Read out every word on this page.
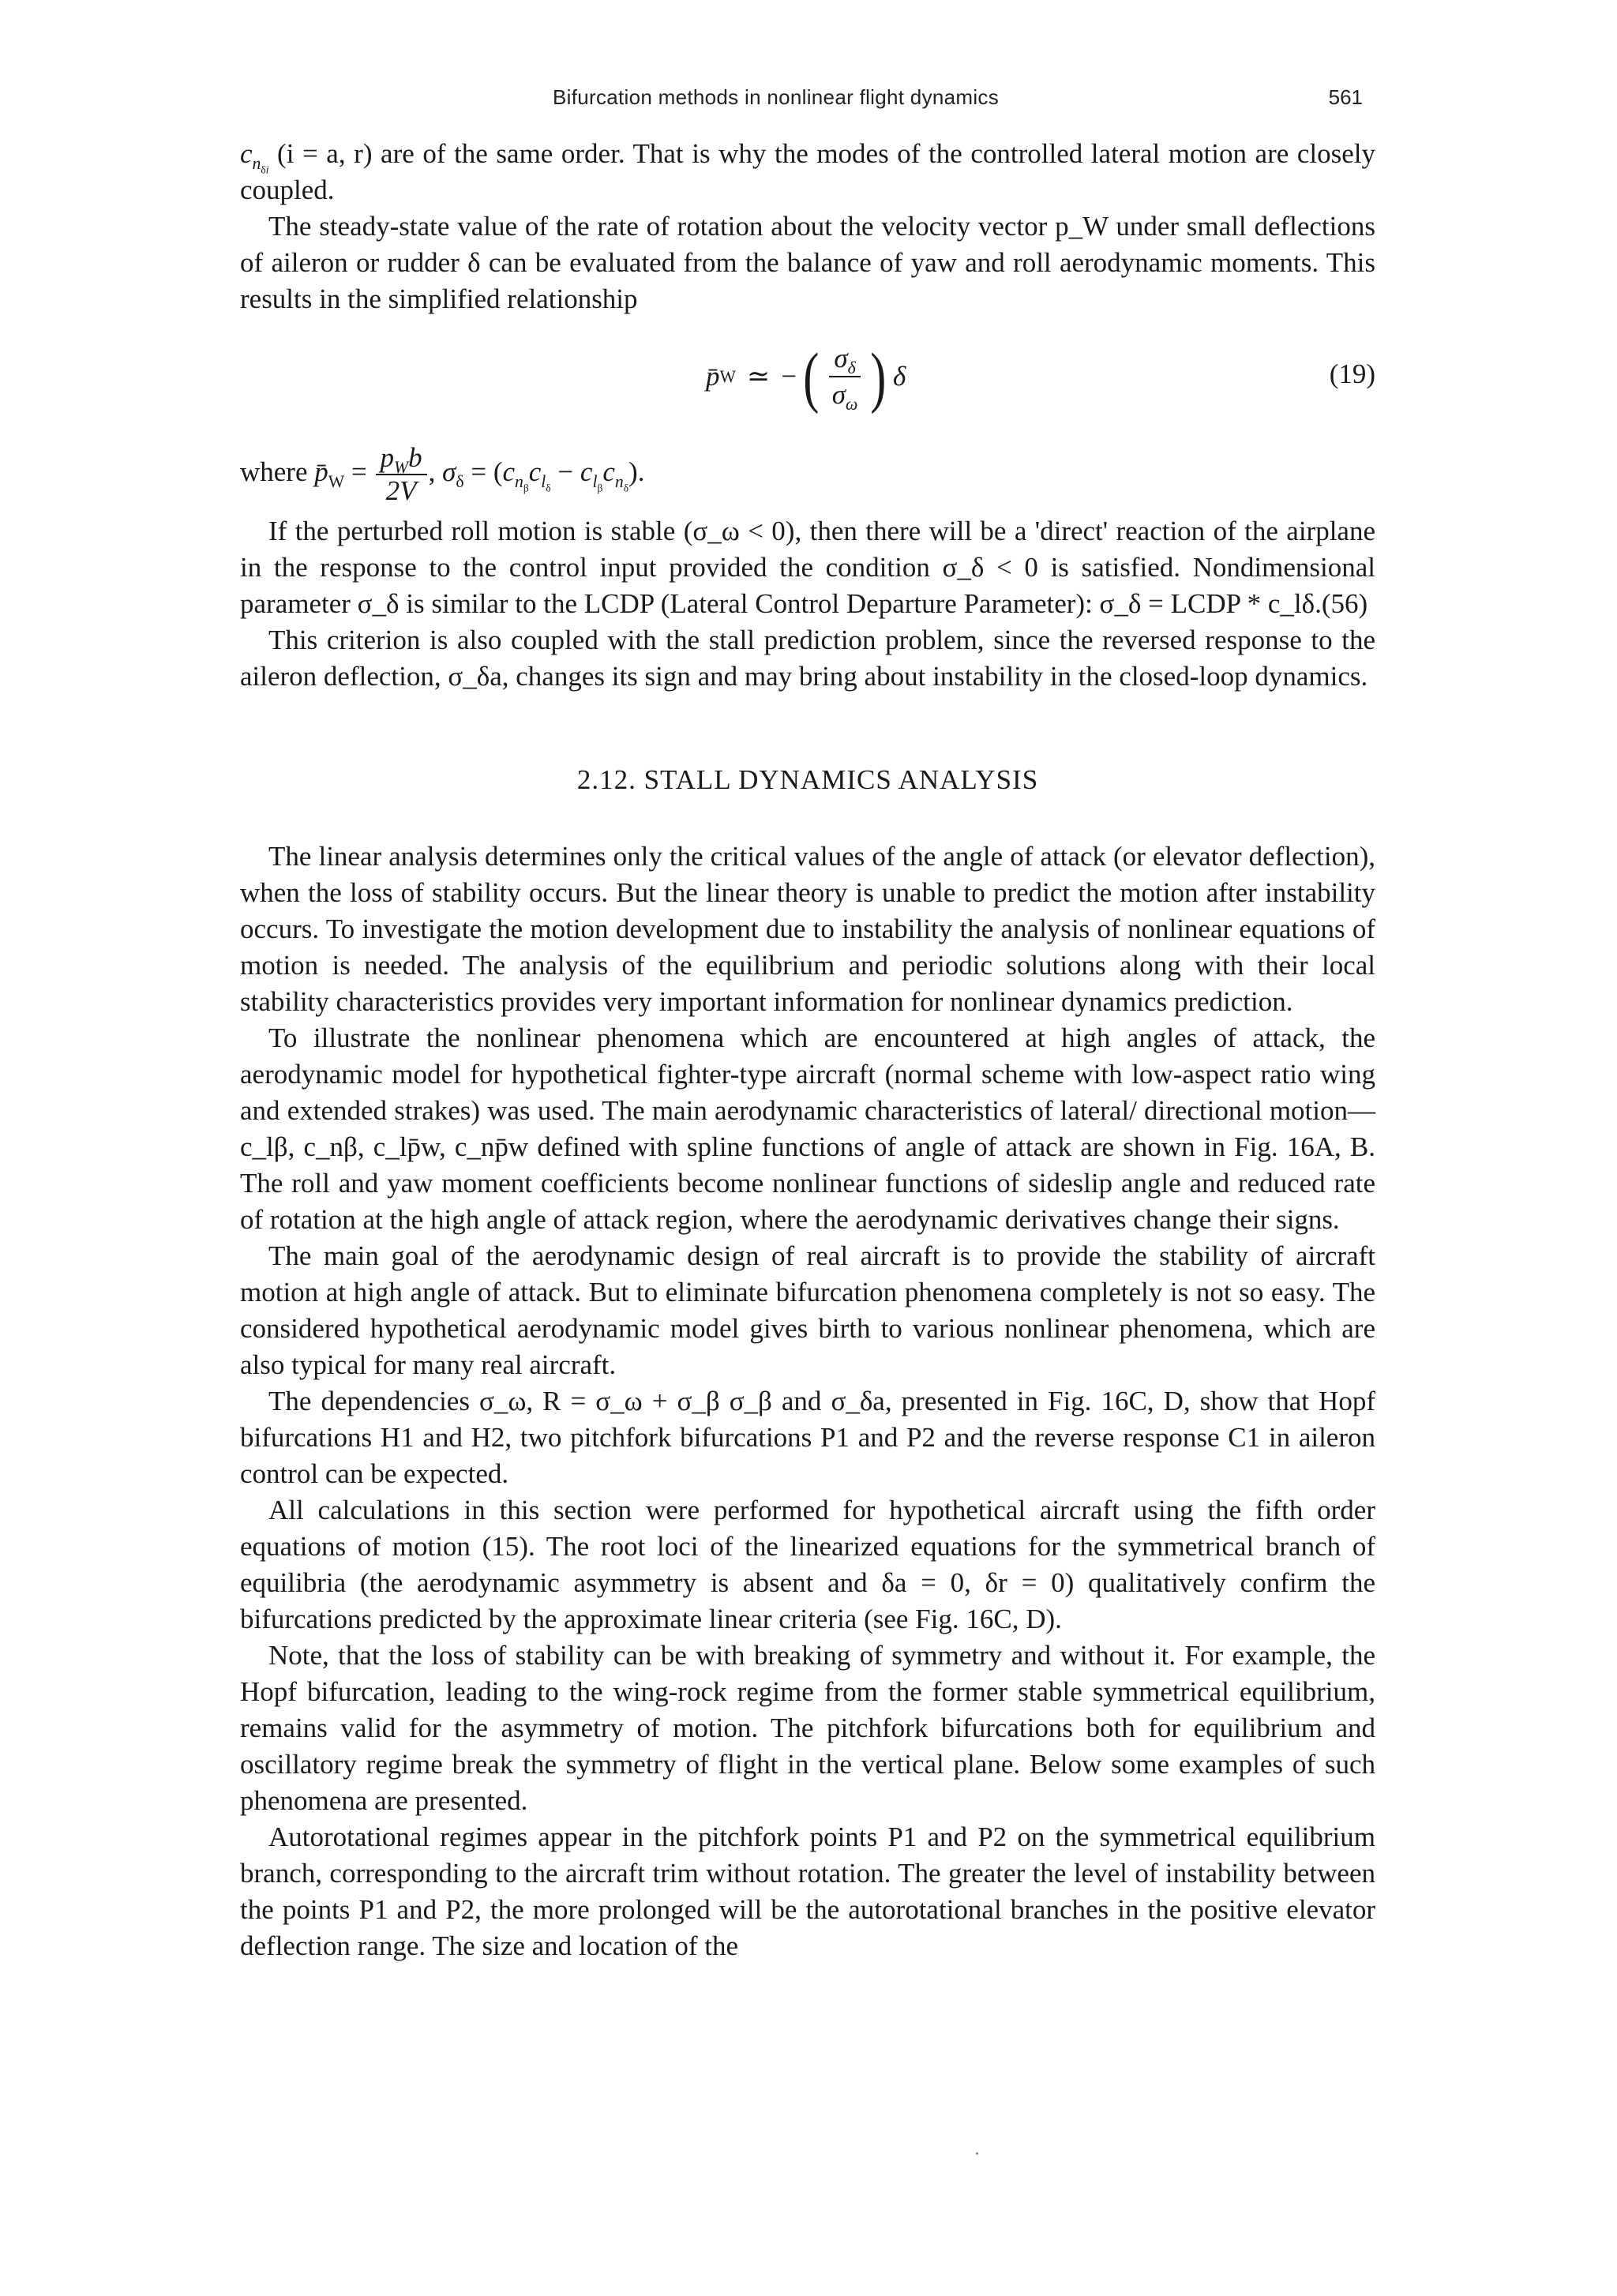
Bifurcation methods in nonlinear flight dynamics	561

$c_{n_{\delta i}}$ (i = a, r) are of the same order. That is why the modes of the controlled lateral motion are closely coupled.

The steady-state value of the rate of rotation about the velocity vector p_W under small deflections of aileron or rudder δ can be evaluated from the balance of yaw and roll aerodynamic moments. This results in the simplified relationship

p̄ W ≃ − ( $\frac{\sigma_\delta}{\sigma_\omega}$ ) δ	(19)
where $p̄_W = \frac{p_Wb}{2V}$ , $\sigma_\delta = (c_{n_\beta}c_{l_\delta} - c_{l_\beta}c_{n_\delta})$.

If the perturbed roll motion is stable (σ_ω < 0), then there will be a 'direct' reaction of the airplane in the response to the control input provided the condition σ_δ < 0 is satisfied. Nondimensional parameter σ_δ is similar to the LCDP (Lateral Control Departure Parameter): σ_δ = LCDP * c_lδ.(56)

This criterion is also coupled with the stall prediction problem, since the reversed response to the aileron deflection, σ_δa, changes its sign and may bring about instability in the closed-loop dynamics.

2.12. STALL DYNAMICS ANALYSIS

The linear analysis determines only the critical values of the angle of attack (or elevator deflection), when the loss of stability occurs. But the linear theory is unable to predict the motion after instability occurs. To investigate the motion development due to instability the analysis of nonlinear equations of motion is needed. The analysis of the equilibrium and periodic solutions along with their local stability characteristics provides very important information for nonlinear dynamics prediction.

To illustrate the nonlinear phenomena which are encountered at high angles of attack, the aerodynamic model for hypothetical fighter-type aircraft (normal scheme with low-aspect ratio wing and extended strakes) was used. The main aerodynamic characteristics of lateral/ directional motion—c_lβ, c_nβ, c_lp̄w, c_np̄w defined with spline functions of angle of attack are shown in Fig. 16A, B. The roll and yaw moment coefficients become nonlinear functions of sideslip angle and reduced rate of rotation at the high angle of attack region, where the aerodynamic derivatives change their signs.

The main goal of the aerodynamic design of real aircraft is to provide the stability of aircraft motion at high angle of attack. But to eliminate bifurcation phenomena completely is not so easy. The considered hypothetical aerodynamic model gives birth to various nonlinear phenomena, which are also typical for many real aircraft.

The dependencies σ_ω, R = σ_ω + σ_β σ_β and σ_δa, presented in Fig. 16C, D, show that Hopf bifurcations H1 and H2, two pitchfork bifurcations P1 and P2 and the reverse response C1 in aileron control can be expected.

All calculations in this section were performed for hypothetical aircraft using the fifth order equations of motion (15). The root loci of the linearized equations for the symmetrical branch of equilibria (the aerodynamic asymmetry is absent and δa = 0, δr = 0) qualitatively confirm the bifurcations predicted by the approximate linear criteria (see Fig. 16C, D).

Note, that the loss of stability can be with breaking of symmetry and without it. For example, the Hopf bifurcation, leading to the wing-rock regime from the former stable symmetrical equilibrium, remains valid for the asymmetry of motion. The pitchfork bifurcations both for equilibrium and oscillatory regime break the symmetry of flight in the vertical plane. Below some examples of such phenomena are presented.

Autorotational regimes appear in the pitchfork points P1 and P2 on the symmetrical equilibrium branch, corresponding to the aircraft trim without rotation. The greater the level of instability between the points P1 and P2, the more prolonged will be the autorotational branches in the positive elevator deflection range. The size and location of the
